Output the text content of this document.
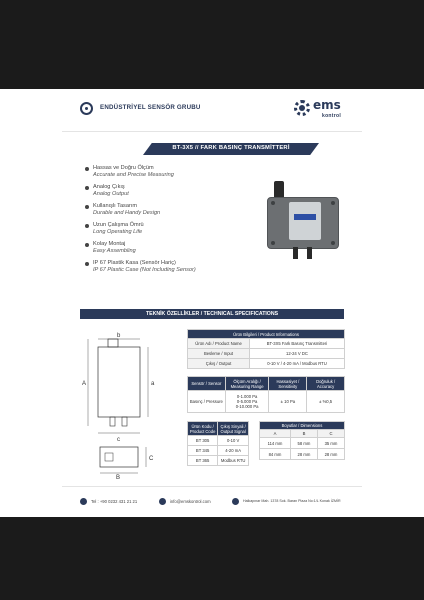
ENDÜSTRİYEL SENSÖR GRUBU	ems
kontrol
BT-3X5 // FARK BASINÇ TRANSMİTTERİ
Hassas ve Doğru Ölçüm
Accurate and Precise Measuring
Analog Çıkış
Analog Output
Kullanışlı Tasarım
Durable and Handy Design
Uzun Çalışma Ömrü
Long Operating Life
Kolay Montaj
Easy Assembling
IP 67 Plastik Kasa (Sensör Hariç)
IP 67 Plastic Case (Not Including Sensor)
TEKNİK ÖZELLİKLER / TECHNICAL SPECIFICATIONS
A	a
b
c
B
C
Ürün Bilgileri / Product Informations	
Ürün Adı / Product Name	BT-3X5 Fark Basınç Transmitteri
Besleme / Input	12-24 V DC
Çıkış / Output	0-10 V / 4-20 mA / Modbus RTU
Sensör / Sensor	Ölçüm Aralığı / Measuring Range	Hassasiyet / Sensitivity	Doğruluk / Accuracy
Basınç / Pressure	0-1.000 Pa
0-5.000 Pa
0-10.000 Pa	± 10 Pa	± %0,5
Ürün Kodu / Product Code	Çıkış Sinyali / Output Signal
BT 305	0-10 V
BT 345	4-20 mA
BT 365	Modbus RTU
Boyutlar / Dimensions		
A	B	C
114 mm	58 mm	35 mm
84 mm	28 mm	28 mm
Tel : +90 0232 431 21 21	info@emskontrol.com	Halkapınar Mah. 1378 Sok. Baran Plaza No:1/L Konak İZMİR
